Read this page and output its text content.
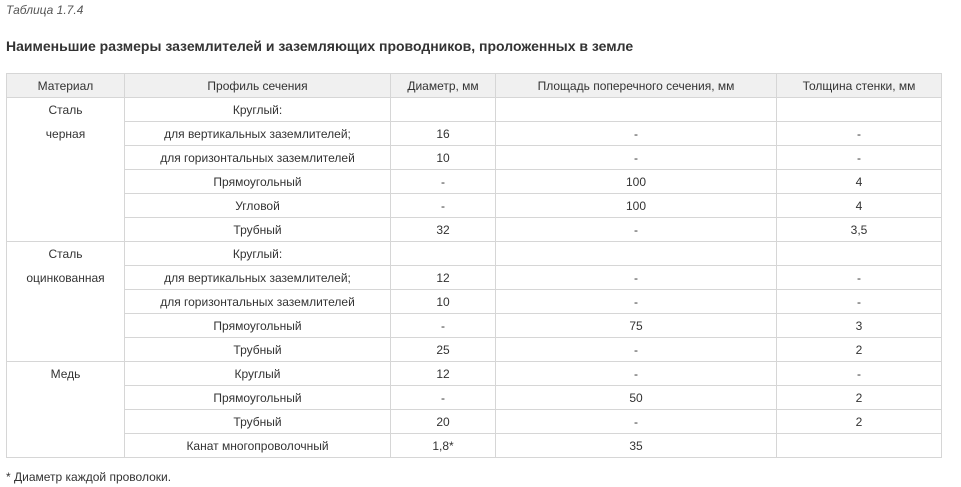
Таблица 1.7.4
Наименьшие размеры заземлителей и заземляющих проводников, проложенных в земле
Материал	Профиль сечения	Диаметр, мм	Площадь поперечного сечения, мм	Толщина стенки, мм
Сталь	Круглый:			
черная	для вертикальных заземлителей;	16	-	-
	для горизонтальных заземлителей	10	-	-
	Прямоугольный	-	100	4
	Угловой	-	100	4
	Трубный	32	-	3,5
Сталь	Круглый:			
оцинкованная	для вертикальных заземлителей;	12	-	-
	для горизонтальных заземлителей	10	-	-
	Прямоугольный	-	75	3
	Трубный	25	-	2
Медь	Круглый	12	-	-
	Прямоугольный	-	50	2
	Трубный	20	-	2
	Канат многопроволочный	1,8*	35	
* Диаметр каждой проволоки.
